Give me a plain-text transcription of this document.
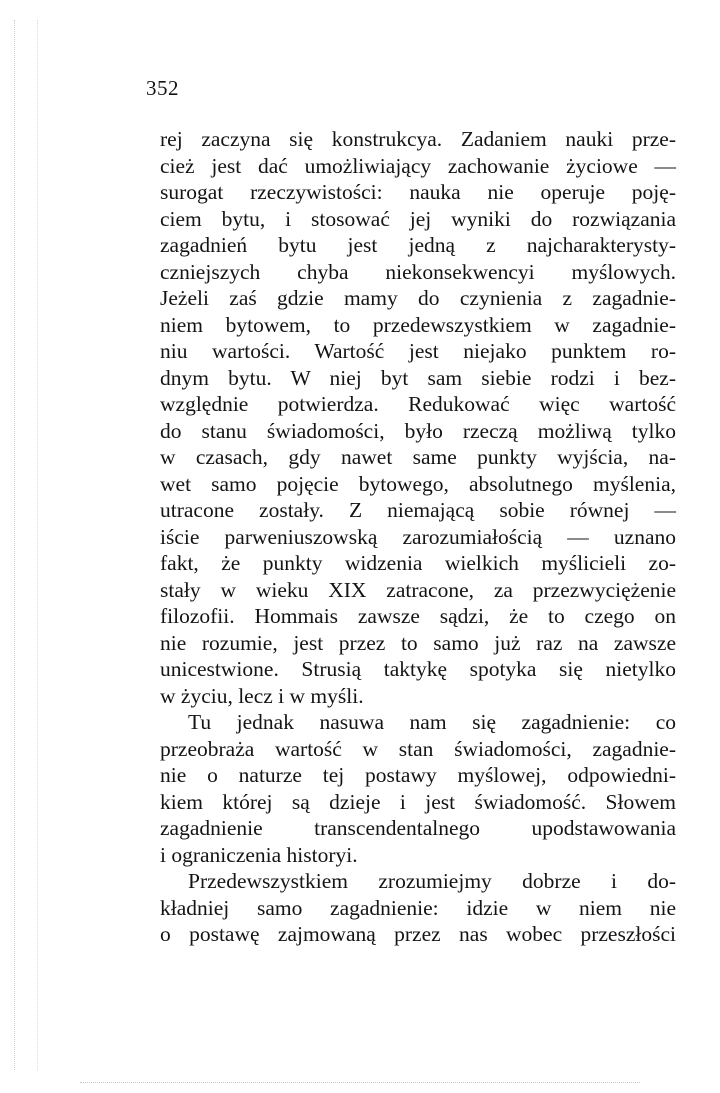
352
rej zaczyna się konstrukcya. Zadaniem nauki prze-
cież jest dać umożliwiający zachowanie życiowe —
surogat rzeczywistości: nauka nie operuje poję-
ciem bytu, i stosować jej wyniki do rozwiązania
zagadnień bytu jest jedną z najcharakterysty-
czniejszych chyba niekonsekwencyi myślowych.
Jeżeli zaś gdzie mamy do czynienia z zagadnie-
niem bytowem, to przedewszystkiem w zagadnie-
niu wartości. Wartość jest niejako punktem ro-
dnym bytu. W niej byt sam siebie rodzi i bez-
względnie potwierdza. Redukować więc wartość
do stanu świadomości, było rzeczą możliwą tylko
w czasach, gdy nawet same punkty wyjścia, na-
wet samo pojęcie bytowego, absolutnego myślenia,
utracone zostały. Z niemającą sobie równej —
iście parweniuszowską zarozumiałością — uznano
fakt, że punkty widzenia wielkich myślicieli zo-
stały w wieku XIX zatracone, za przezwyciężenie
filozofii. Hommais zawsze sądzi, że to czego on
nie rozumie, jest przez to samo już raz na zawsze
unicestwione. Strusią taktykę spotyka się nietylko
w życiu, lecz i w myśli.
Tu jednak nasuwa nam się zagadnienie: co
przeobraża wartość w stan świadomości, zagadnie-
nie o naturze tej postawy myślowej, odpowiedni-
kiem której są dzieje i jest świadomość. Słowem
zagadnienie transcendentalnego upodstawowania
i ograniczenia historyi.
Przedewszystkiem zrozumiejmy dobrze i do-
kładniej samo zagadnienie: idzie w niem nie
o postawę zajmowaną przez nas wobec przeszłości
